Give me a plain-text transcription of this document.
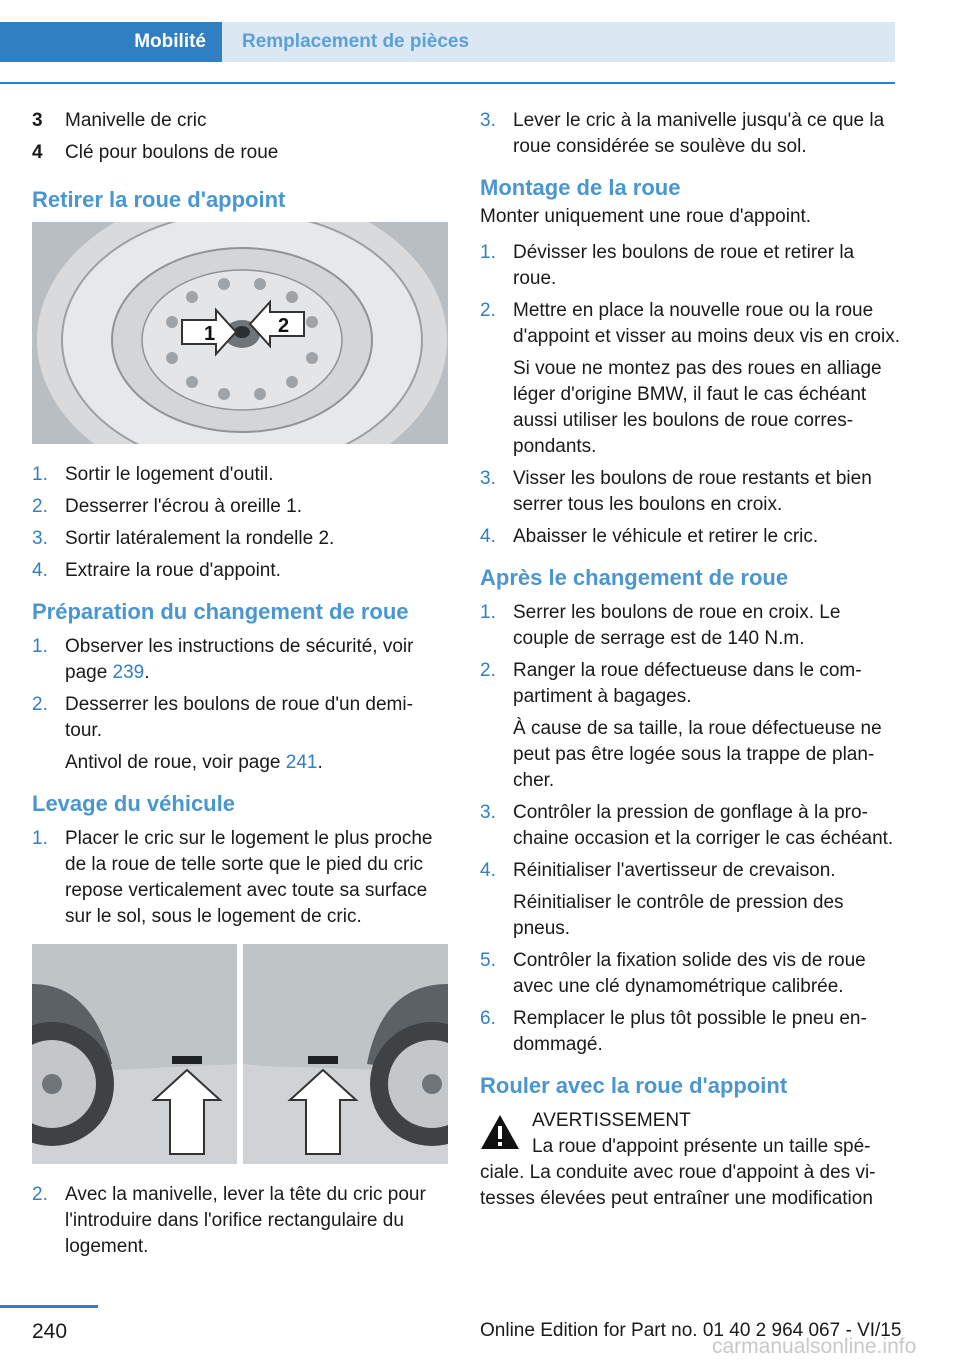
Mobilité	Remplacement de pièces
3	Manivelle de cric
4	Clé pour boulons de roue
Retirer la roue d'appoint
1	2
1. Sortir le logement d'outil.
2. Desserrer l'écrou à oreille 1.
3. Sortir latéralement la rondelle 2.
4. Extraire la roue d'appoint.
Préparation du changement de roue
1. Observer les instructions de sécurité, voir page 239.
2. Desserrer les boulons de roue d'un demi-tour.
Antivol de roue, voir page 241.
Levage du véhicule
1. Placer le cric sur le logement le plus proche de la roue de telle sorte que le pied du cric repose verticalement avec toute sa surface sur le sol, sous le logement de cric.
2. Avec la manivelle, lever la tête du cric pour l'introduire dans l'orifice rectangulaire du logement.
3. Lever le cric à la manivelle jusqu'à ce que la roue considérée se soulève du sol.
Montage de la roue

Monter uniquement une roue d'appoint.

1. Dévisser les boulons de roue et retirer la roue.
2. Mettre en place la nouvelle roue ou la roue d'appoint et visser au moins deux vis en croix.
Si voue ne montez pas des roues en alliage léger d'origine BMW, il faut le cas échéant aussi utiliser les boulons de roue correspondants.
3. Visser les boulons de roue restants et bien serrer tous les boulons en croix.
4. Abaisser le véhicule et retirer le cric.
Après le changement de roue
1. Serrer les boulons de roue en croix. Le couple de serrage est de 140 N.m.
2. Ranger la roue défectueuse dans le compartiment à bagages.
À cause de sa taille, la roue défectueuse ne peut pas être logée sous la trappe de plancher.
3. Contrôler la pression de gonflage à la prochaine occasion et la corriger le cas échéant.
4. Réinitialiser l'avertisseur de crevaison.
Réinitialiser le contrôle de pression des pneus.
5. Contrôler la fixation solide des vis de roue avec une clé dynamométrique calibrée.
6. Remplacer le plus tôt possible le pneu endommagé.
Rouler avec la roue d'appoint
AVERTISSEMENT
La roue d'appoint présente un taille spéciale. La conduite avec roue d'appoint à des vitesses élevées peut entraîner une modification
240	Online Edition for Part no. 01 40 2 964 067 - VI/15
carmanualsonline.info
